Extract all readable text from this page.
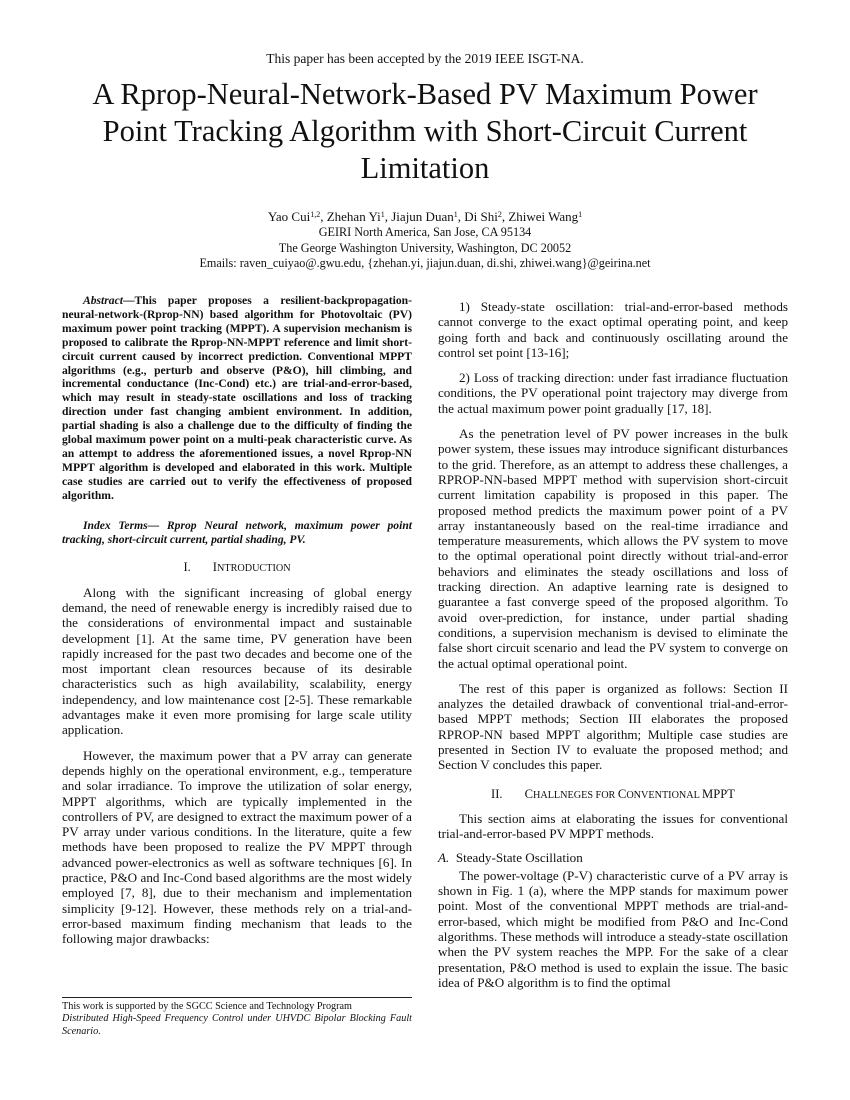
This paper has been accepted by the 2019 IEEE ISGT-NA.
A Rprop-Neural-Network-Based PV Maximum Power Point Tracking Algorithm with Short-Circuit Current Limitation
Yao Cui$^{1,2}$, Zhehan Yi$^1$, Jiajun Duan$^1$, Di Shi$^2$, Zhiwei Wang$^1$
GEIRI North America, San Jose, CA 95134
The George Washington University, Washington, DC 20052
Emails: raven_cuiyao@.gwu.edu, {zhehan.yi, jiajun.duan, di.shi, zhiwei.wang}@geirina.net

Abstract—This paper proposes a resilient-backpropagation-neural-network-(Rprop-NN) based algorithm for Photovoltaic (PV) maximum power point tracking (MPPT). A supervision mechanism is proposed to calibrate the Rprop-NN-MPPT reference and limit short-circuit current caused by incorrect prediction. Conventional MPPT algorithms (e.g., perturb and observe (P&O), hill climbing, and incremental conductance (Inc-Cond) etc.) are trial-and-error-based, which may result in steady-state oscillations and loss of tracking direction under fast changing ambient environment. In addition, partial shading is also a challenge due to the difficulty of finding the global maximum power point on a multi-peak characteristic curve. As an attempt to address the aforementioned issues, a novel Rprop-NN MPPT algorithm is developed and elaborated in this work. Multiple case studies are carried out to verify the effectiveness of proposed algorithm.

Index Terms— Rprop Neural network, maximum power point tracking, short-circuit current, partial shading, PV.

I. INTRODUCTION

Along with the significant increasing of global energy demand, the need of renewable energy is incredibly raised due to the considerations of environmental impact and sustainable development [1]. At the same time, PV generation have been rapidly increased for the past two decades and become one of the most important clean resources because of its desirable characteristics such as high availability, scalability, energy independency, and low maintenance cost [2-5]. These remarkable advantages make it even more promising for large scale utility application.

However, the maximum power that a PV array can generate depends highly on the operational environment, e.g., temperature and solar irradiance. To improve the utilization of solar energy, MPPT algorithms, which are typically implemented in the controllers of PV, are designed to extract the maximum power of a PV array under various conditions. In the literature, quite a few methods have been proposed to realize the PV MPPT through advanced power-electronics as well as software techniques [6]. In practice, P&O and Inc-Cond based algorithms are the most widely employed [7, 8], due to their mechanism and implementation simplicity [9-12]. However, these methods rely on a trial-and-error-based maximum finding mechanism that leads to the following major drawbacks:

1) Steady-state oscillation: trial-and-error-based methods cannot converge to the exact optimal operating point, and keep going forth and back and continuously oscillating around the control set point [13-16];

2) Loss of tracking direction: under fast irradiance fluctuation conditions, the PV operational point trajectory may diverge from the actual maximum power point gradually [17, 18].

As the penetration level of PV power increases in the bulk power system, these issues may introduce significant disturbances to the grid. Therefore, as an attempt to address these challenges, a RPROP-NN-based MPPT method with supervision short-circuit current limitation capability is proposed in this paper. The proposed method predicts the maximum power point of a PV array instantaneously based on the real-time irradiance and temperature measurements, which allows the PV system to move to the optimal operational point directly without trial-and-error behaviors and eliminates the steady oscillations and loss of tracking direction. An adaptive learning rate is designed to guarantee a fast converge speed of the proposed algorithm. To avoid over-prediction, for instance, under partial shading conditions, a supervision mechanism is devised to eliminate the false short circuit scenario and lead the PV system to converge on the actual optimal operational point.

The rest of this paper is organized as follows: Section II analyzes the detailed drawback of conventional trial-and-error-based MPPT methods; Section III elaborates the proposed RPROP-NN based MPPT algorithm; Multiple case studies are presented in Section IV to evaluate the proposed method; and Section V concludes this paper.

II. CHALLNEGES FOR CONVENTIONAL MPPT

This section aims at elaborating the issues for conventional trial-and-error-based PV MPPT methods.

A. Steady-State Oscillation

The power-voltage (P-V) characteristic curve of a PV array is shown in Fig. 1 (a), where the MPP stands for maximum power point. Most of the conventional MPPT methods are trial-and-error-based, which might be modified from P&O and Inc-Cond algorithms. These methods will introduce a steady-state oscillation when the PV system reaches the MPP. For the sake of a clear presentation, P&O method is used to explain the issue. The basic idea of P&O algorithm is to find the optimal

This work is supported by the SGCC Science and Technology Program
Distributed High-Speed Frequency Control under UHVDC Bipolar Blocking Fault Scenario.
